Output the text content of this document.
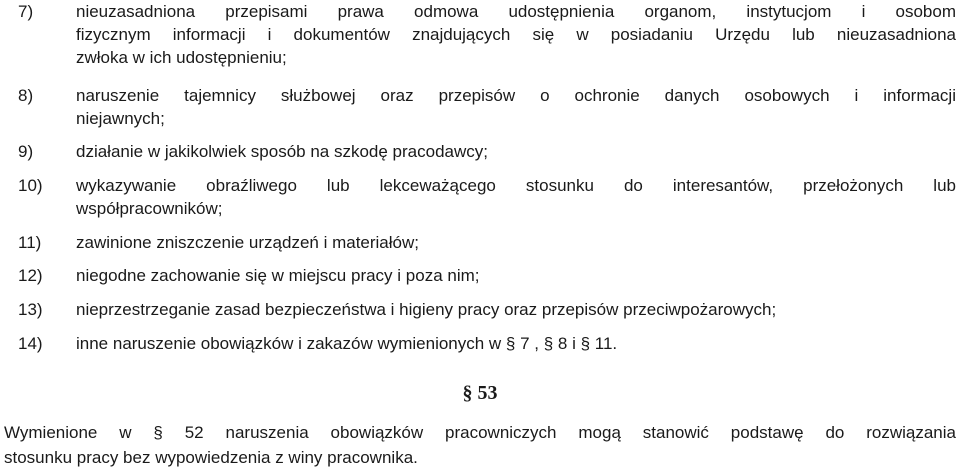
7)	nieuzasadniona przepisami prawa odmowa udostępnienia organom, instytucjom i osobom
fizycznym informacji i dokumentów znajdujących się w posiadaniu Urzędu lub nieuzasadniona
zwłoka w ich udostępnieniu;
8)	naruszenie tajemnicy służbowej oraz przepisów o ochronie danych osobowych i informacji
niejawnych;
9)	działanie w jakikolwiek sposób na szkodę pracodawcy;
10) wykazywanie obraźliwego lub lekceważącego stosunku do interesantów, przełożonych lub
współpracowników;
11) zawinione zniszczenie urządzeń i materiałów;
12) niegodne zachowanie się w miejscu pracy i poza nim;
13) nieprzestrzeganie zasad bezpieczeństwa i higieny pracy oraz przepisów przeciwpożarowych;
14) inne naruszenie obowiązków i zakazów wymienionych w § 7 , § 8 i § 11.
§ 53
Wymienione w § 52 naruszenia obowiązków pracowniczych mogą stanowić podstawę do rozwiązania
stosunku pracy bez wypowiedzenia z winy pracownika.
